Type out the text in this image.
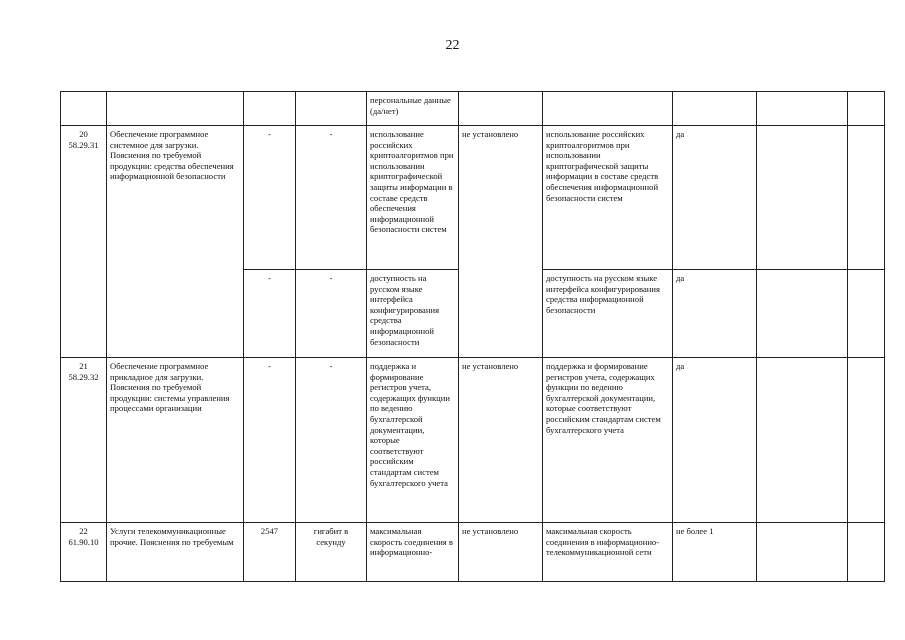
22
				персональные данные (да/нет)					

20
58.29.31	Обеспечение программное системное для загрузки. Пояснения по требуемой продукции: средства обеспечения информационной безопасности	-	-	использование российских криптоалгоритмов при использовании криптографической защиты информации в составе средств обеспечения информационной безопасности систем	не установлено	использование российских криптоалгоритмов при использовании криптографической защиты информации в составе средств обеспечения информационной безопасности систем	да		
		-	-	доступность на русском языке интерфейса конфигурирования средства информационной безопасности		доступность на русском языке интерфейса конфигурирования средства информационной безопасности	да		

21
58.29.32	Обеспечение программное прикладное для загрузки. Пояснения по требуемой продукции: системы управления процессами организации	-	-	поддержка и формирование регистров учета, содержащих функции по ведению бухгалтерской документации, которые соответствуют российским стандартам систем бухгалтерского учета	не установлено	поддержка и формирование регистров учета, содержащих функции по ведению бухгалтерской документации, которые соответствуют российским стандартам систем бухгалтерского учета	да		

22
61.90.10	Услуги телекоммуникационные прочие. Пояснения по требуемым	2547	гигабит в секунду	максимальная скорость соединения в информационно-	не установлено	максимальная скорость соединения в информационно-телекоммуникационной сети	не более 1		
